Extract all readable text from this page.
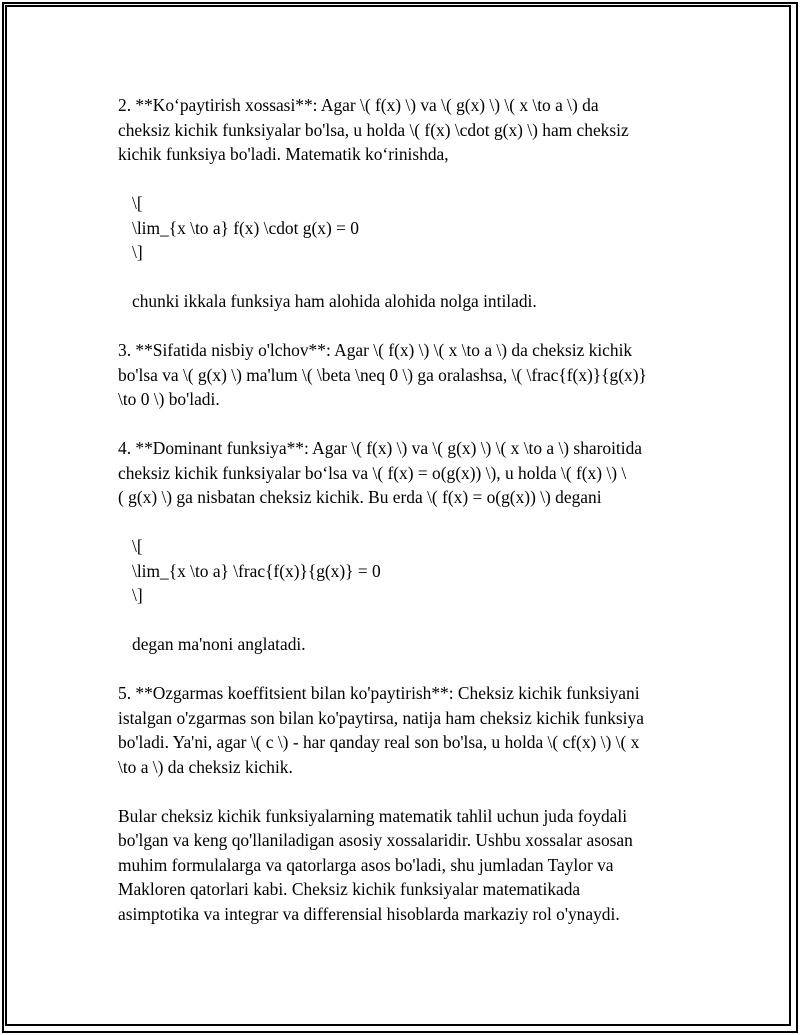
2. **Ko‘paytirish xossasi**: Agar \( f(x) \) va \( g(x) \) \( x \to a \) da

cheksiz kichik funksiyalar bo'lsa, u holda \( f(x) \cdot g(x) \) ham cheksiz

kichik funksiya bo'ladi. Matematik ko‘rinishda,

\[

\lim_{x \to a} f(x) \cdot g(x) = 0

\]

chunki ikkala funksiya ham alohida alohida nolga intiladi.

3. **Sifatida nisbiy o'lchov**: Agar \( f(x) \) \( x \to a \) da cheksiz kichik

bo'lsa va \( g(x) \) ma'lum \( \beta \neq 0 \) ga oralashsa, \( \frac{f(x)}{g(x)}

\to 0 \) bo'ladi.

4. **Dominant funksiya**: Agar \( f(x) \) va \( g(x) \) \( x \to a \) sharoitida

cheksiz kichik funksiyalar bo‘lsa va \( f(x) = o(g(x)) \), u holda \( f(x) \) \

( g(x) \) ga nisbatan cheksiz kichik. Bu erda \( f(x) = o(g(x)) \) degani

\[

\lim_{x \to a} \frac{f(x)}{g(x)} = 0

\]

degan ma'noni anglatadi.

5. **Ozgarmas koeffitsient bilan ko'paytirish**: Cheksiz kichik funksiyani

istalgan o'zgarmas son bilan ko'paytirsa, natija ham cheksiz kichik funksiya

bo'ladi. Ya'ni, agar \( c \) - har qanday real son bo'lsa, u holda \( cf(x) \) \( x

\to a \) da cheksiz kichik.

Bular cheksiz kichik funksiyalarning matematik tahlil uchun juda foydali

bo'lgan va keng qo'llaniladigan asosiy xossalaridir. Ushbu xossalar asosan

muhim formulalarga va qatorlarga asos bo'ladi, shu jumladan Taylor va

Makloren qatorlari kabi. Cheksiz kichik funksiyalar matematikada

asimptotika va integrar va differensial hisoblarda markaziy rol o'ynaydi.
